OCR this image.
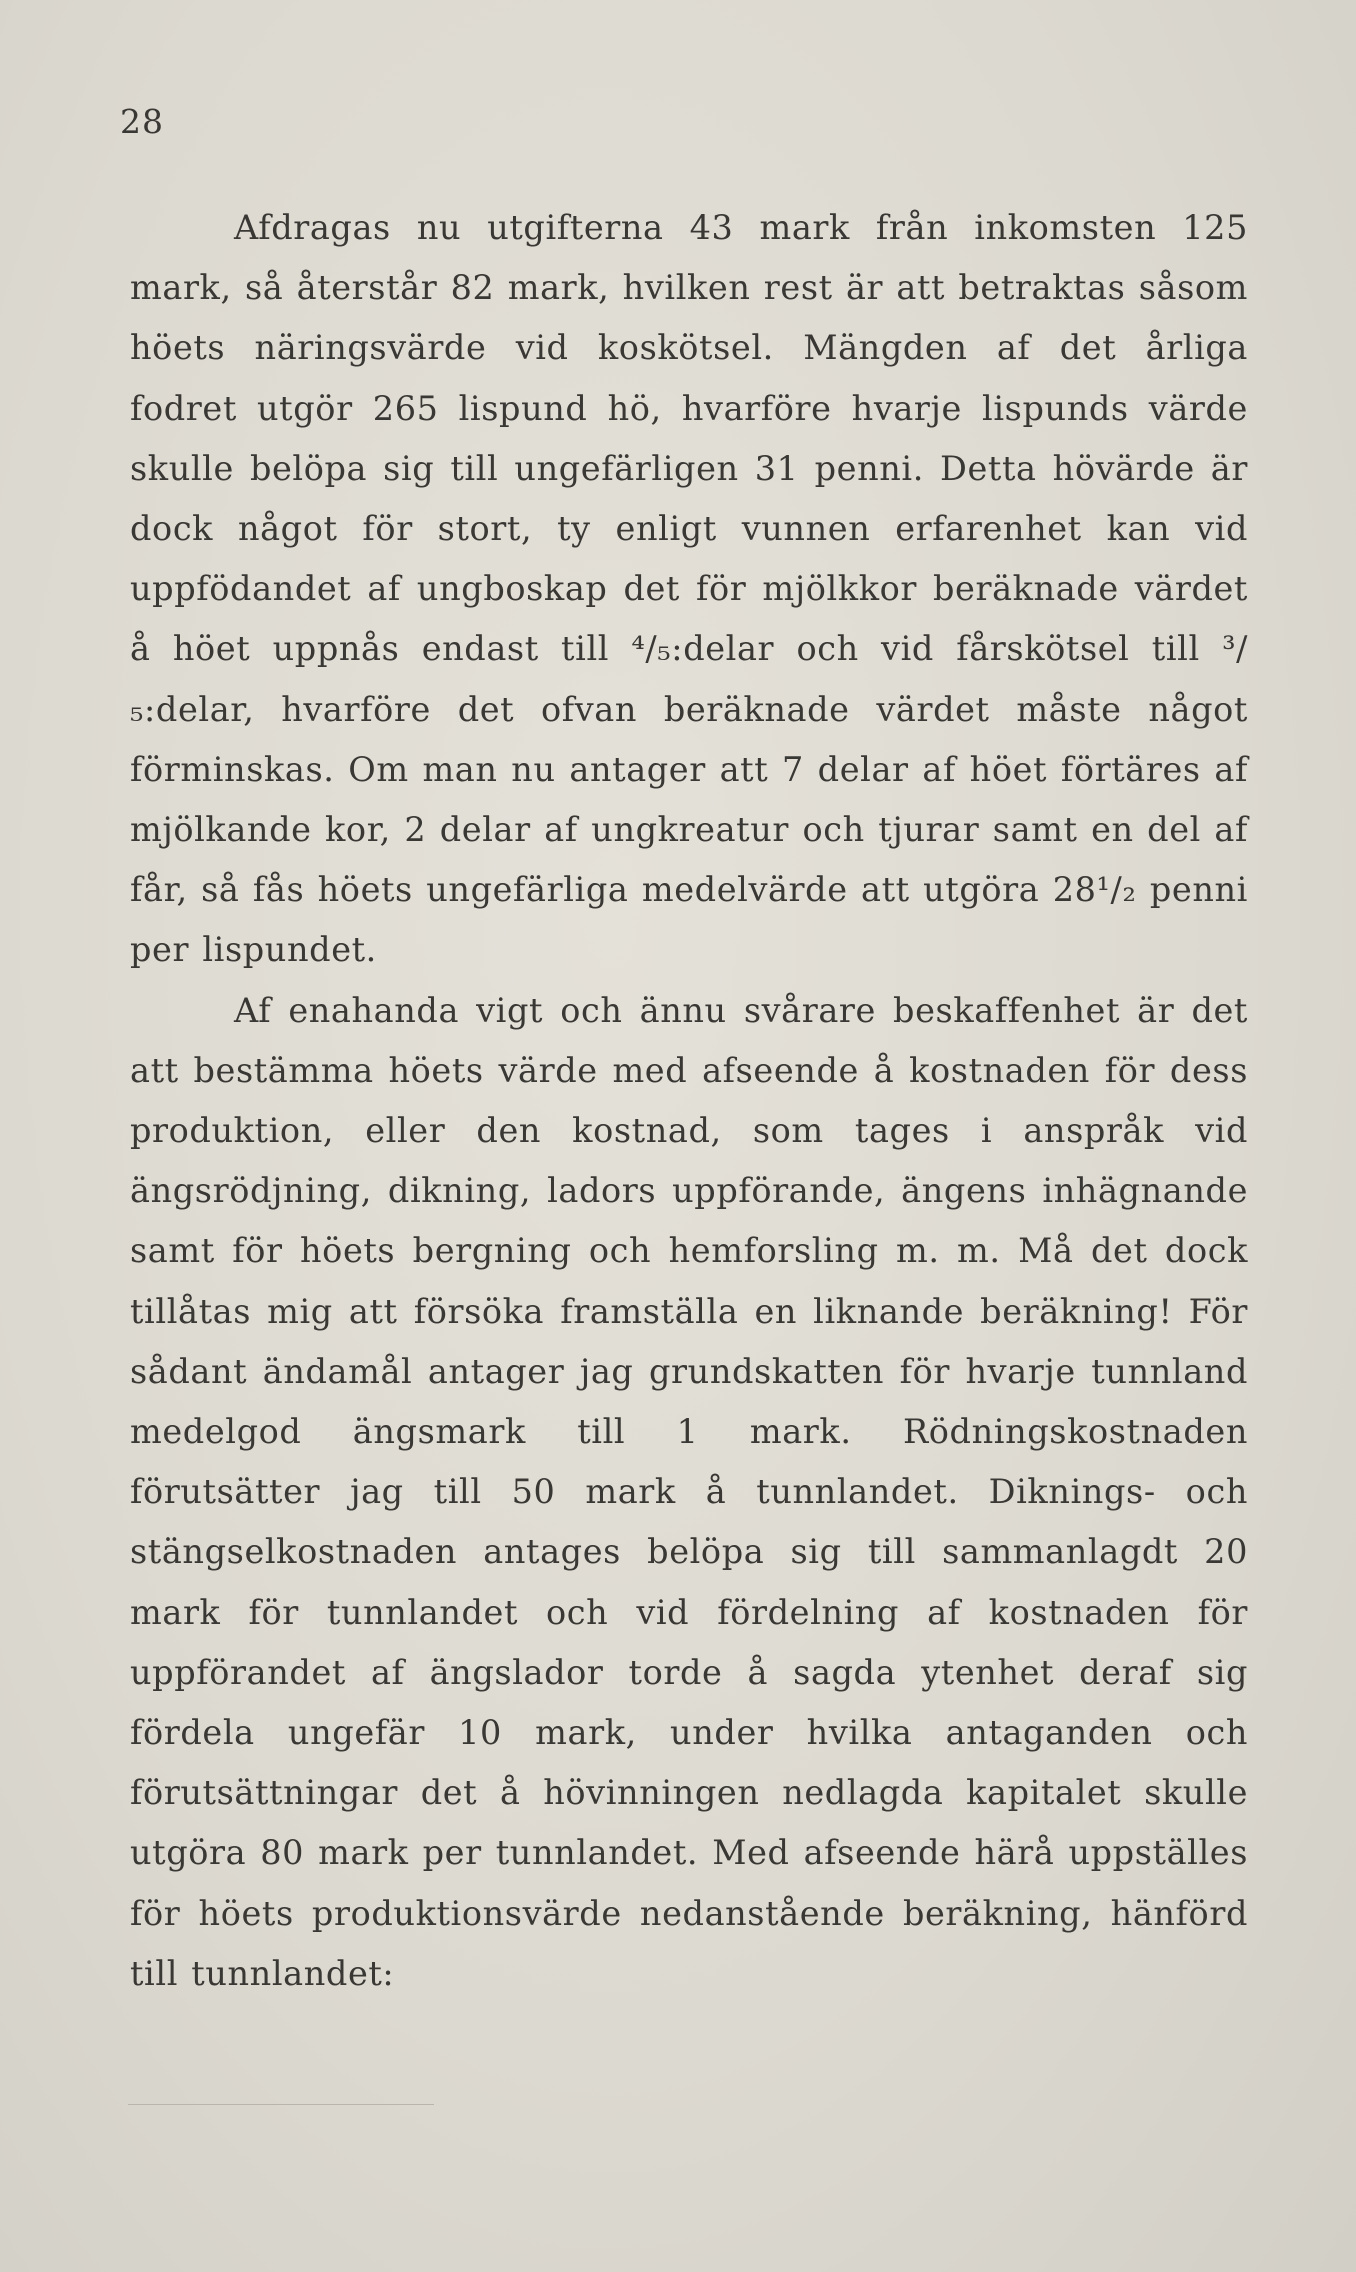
28

Afdragas nu utgifterna 43 mark från inkomsten 125 mark, så återstår 82 mark, hvilken rest är att betraktas såsom höets näringsvärde vid koskötsel. Mängden af det årliga fodret utgör 265 lispund hö, hvarföre hvarje lispunds värde skulle belöpa sig till ungefärligen 31 penni. Detta hövärde är dock något för stort, ty enligt vunnen erfarenhet kan vid uppfödandet af ungboskap det för mjölkkor beräknade värdet å höet uppnås endast till ⁴/₅:delar och vid fårskötsel till ³/₅:delar, hvarföre det ofvan beräknade värdet måste något förminskas. Om man nu antager att 7 delar af höet förtäres af mjölkande kor, 2 delar af ungkreatur och tjurar samt en del af får, så fås höets ungefärliga medelvärde att utgöra 28¹/₂ penni per lispundet.

Af enahanda vigt och ännu svårare beskaffenhet är det att bestämma höets värde med afseende å kostnaden för dess produktion, eller den kostnad, som tages i anspråk vid ängsrödjning, dikning, ladors uppförande, ängens inhägnande samt för höets bergning och hemforsling m. m. Må det dock tillåtas mig att försöka framställa en liknande beräkning! För sådant ändamål antager jag grundskatten för hvarje tunnland medelgod ängsmark till 1 mark. Rödningskostnaden förutsätter jag till 50 mark å tunnlandet. Diknings- och stängselkostnaden antages belöpa sig till sammanlagdt 20 mark för tunnlandet och vid fördelning af kostnaden för uppförandet af ängslador torde å sagda ytenhet deraf sig fördela ungefär 10 mark, under hvilka antaganden och förutsättningar det å hövinningen nedlagda kapitalet skulle utgöra 80 mark per tunnlandet. Med afseende härå uppställes för höets produktionsvärde nedanstående beräkning, hänförd till tunnlandet:
